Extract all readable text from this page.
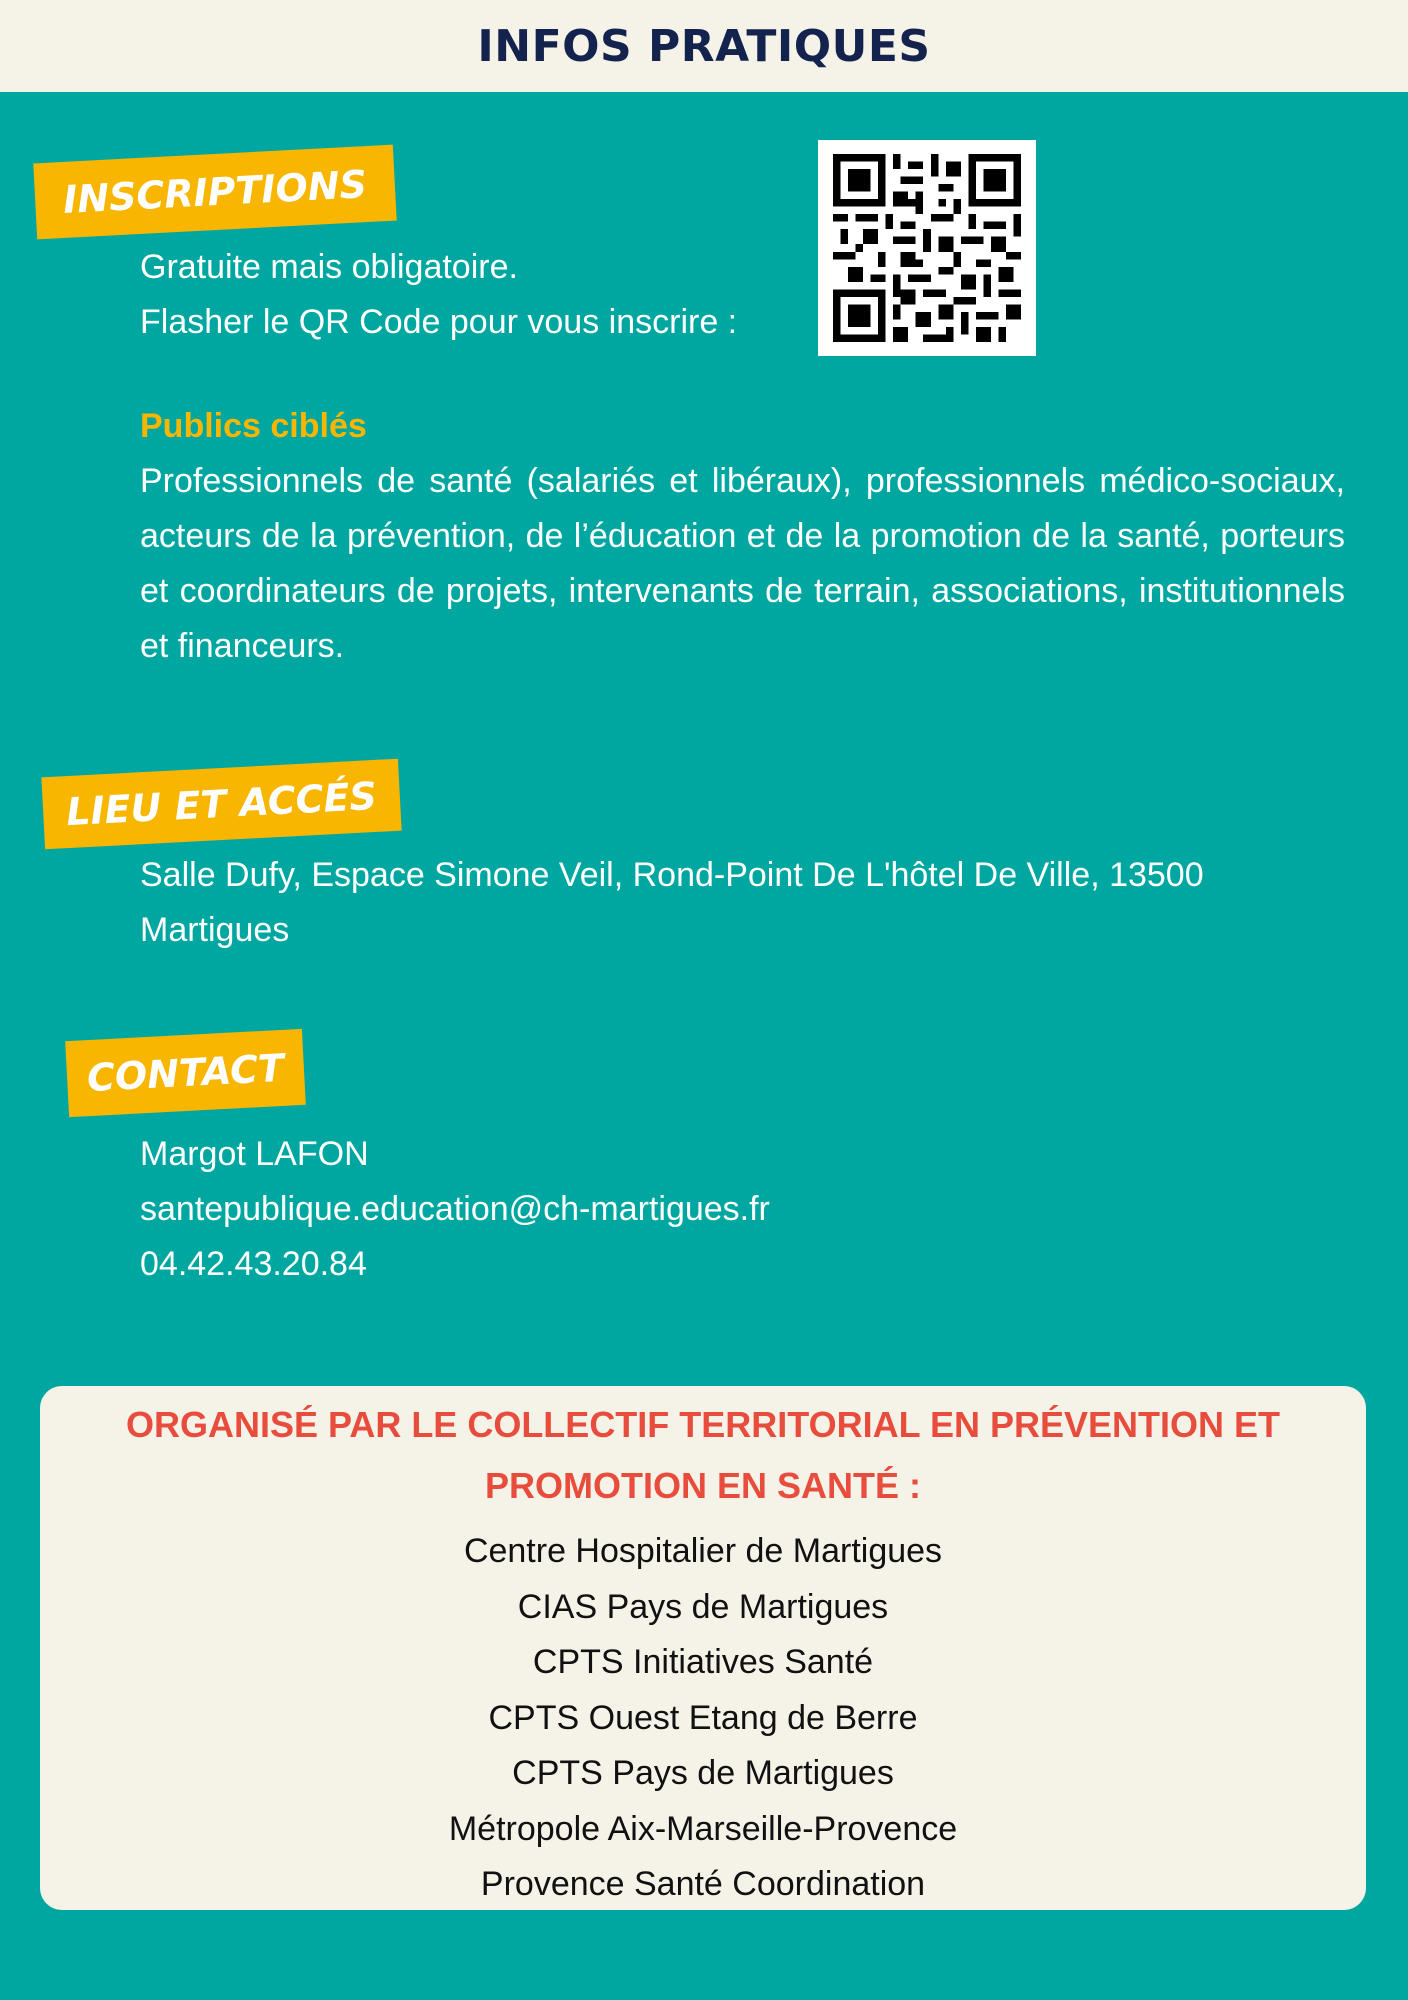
INFOS PRATIQUES
INSCRIPTIONS
Gratuite mais obligatoire.
Flasher le QR Code pour vous inscrire :
Publics ciblés
Professionnels de santé (salariés et libéraux), professionnels médico-sociaux, acteurs de la prévention, de l’éducation et de la promotion de la santé, porteurs et coordinateurs de projets, intervenants de terrain, associations, institutionnels et financeurs.
LIEU ET ACCÉS
Salle Dufy, Espace Simone Veil, Rond-Point De L'hôtel De Ville, 13500
Martigues
CONTACT
Margot LAFON
santepublique.education@ch-martigues.fr
04.42.43.20.84
ORGANISÉ PAR LE COLLECTIF TERRITORIAL EN PRÉVENTION ET PROMOTION EN SANTÉ :
Centre Hospitalier de Martigues
CIAS Pays de Martigues
CPTS Initiatives Santé
CPTS Ouest Etang de Berre
CPTS Pays de Martigues
Métropole Aix-Marseille-Provence
Provence Santé Coordination
